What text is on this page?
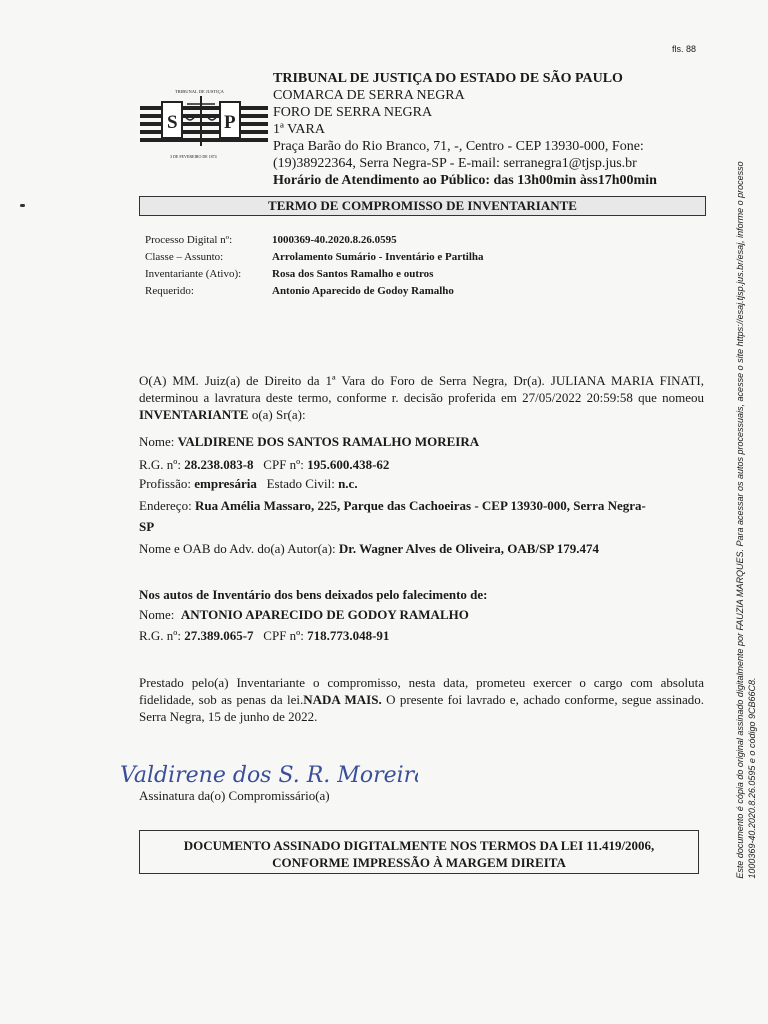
fls. 88
TRIBUNAL DE JUSTIÇA
S P
3 DE FEVEREIRO DE 1874
TRIBUNAL DE JUSTIÇA DO ESTADO DE SÃO PAULO
COMARCA DE SERRA NEGRA
FORO DE SERRA NEGRA
1ª VARA
Praça Barão do Rio Branco, 71, -, Centro - CEP 13930-000, Fone:
(19)38922364, Serra Negra-SP - E-mail: serranegra1@tjsp.jus.br
Horário de Atendimento ao Público: das 13h00min àss17h00min
TERMO DE COMPROMISSO DE INVENTARIANTE
Processo Digital nº:	1000369-40.2020.8.26.0595
Classe – Assunto:	Arrolamento Sumário - Inventário e Partilha
Inventariante (Ativo):	Rosa dos Santos Ramalho e outros
Requerido:	Antonio Aparecido de Godoy Ramalho
O(A) MM. Juiz(a) de Direito da 1ª Vara do Foro de Serra Negra, Dr(a). JULIANA MARIA FINATI, determinou a lavratura deste termo, conforme r. decisão proferida em 27/05/2022 20:59:58 que nomeou INVENTARIANTE o(a) Sr(a):
Nome: VALDIRENE DOS SANTOS RAMALHO MOREIRA
R.G. nº: 28.238.083-8 CPF nº: 195.600.438-62
Profissão: empresária Estado Civil: n.c.
Endereço: Rua Amélia Massaro, 225, Parque das Cachoeiras - CEP 13930-000, Serra Negra-
SP
Nome e OAB do Adv. do(a) Autor(a): Dr. Wagner Alves de Oliveira, OAB/SP 179.474
Nos autos de Inventário dos bens deixados pelo falecimento de:
Nome: ANTONIO APARECIDO DE GODOY RAMALHO
R.G. nº: 27.389.065-7 CPF nº: 718.773.048-91
Prestado pelo(a) Inventariante o compromisso, nesta data, prometeu exercer o cargo com absoluta fidelidade, sob as penas da lei.NADA MAIS. O presente foi lavrado e, achado conforme, segue assinado. Serra Negra, 15 de junho de 2022.
Valdirene dos S. R. Moreira
Assinatura da(o) Compromissário(a)
DOCUMENTO ASSINADO DIGITALMENTE NOS TERMOS DA LEI 11.419/2006,
CONFORME IMPRESSÃO À MARGEM DIREITA	Este documento é cópia do original assinado digitalmente por FAUZIA MARQUES. Para acessar os autos processuais, acesse o site https://esaj.tjsp.jus.br/esaj, informe o processo 1000369-40.2020.8.26.0595 e o código 9CB66C8.
